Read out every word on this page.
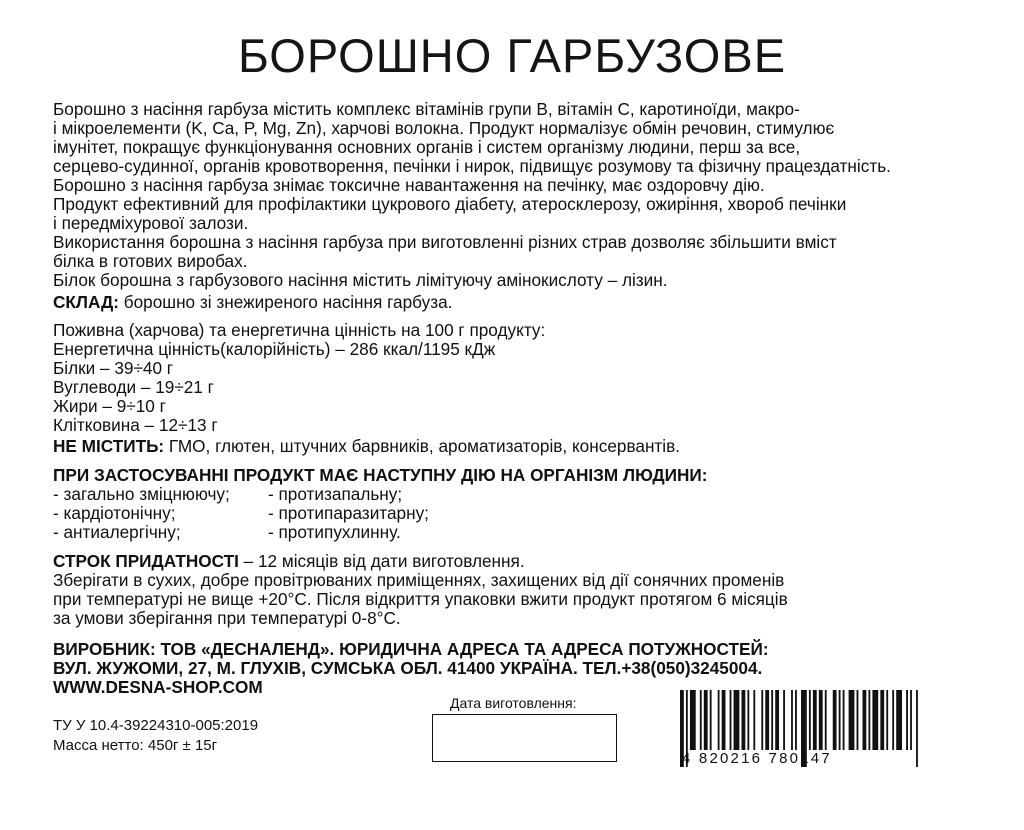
БОРОШНО ГАРБУЗОВЕ
Борошно з насіння гарбуза містить комплекс вітамінів групи В, вітамін С, каротиноїди, макро-
і мікроелементи (K, Ca, P, Mg, Zn), харчові волокна. Продукт нормалізує обмін речовин, стимулює
імунітет, покращує функціонування основних органів і систем організму людини, перш за все,
серцево-судинної, органів кровотворення, печінки і нирок, підвищує розумову та фізичну працездатність.
Борошно з насіння гарбуза знімає токсичне навантаження на печінку, має оздоровчу дію.
Продукт ефективний для профілактики цукрового діабету, атеросклерозу, ожиріння, хвороб печінки
і передміхурової залози.
Використання борошна з насіння гарбуза при виготовленні різних страв дозволяє збільшити вміст
білка в готових виробах.
Білок борошна з гарбузового насіння містить лімітуючу амінокислоту – лізин.
СКЛАД: борошно зі знежиреного насіння гарбуза.
Поживна (харчова) та енергетична цінність на 100 г продукту:
Енергетична цінність(калорійність) – 286 ккал/1195 кДж
Білки – 39÷40 г
Вуглеводи – 19÷21 г
Жири – 9÷10 г
Клітковина – 12÷13 г
НЕ МІСТИТЬ: ГМО, глютен, штучних барвників, ароматизаторів, консервантів.
ПРИ ЗАСТОСУВАННІ ПРОДУКТ МАЄ НАСТУПНУ ДІЮ НА ОРГАНІЗМ ЛЮДИНИ:
- загально зміцнюючу;
- кардіотонічну;
- антиалергічну;
- протизапальну;
- протипаразитарну;
- протипухлинну.
СТРОК ПРИДАТНОСТІ – 12 місяців від дати виготовлення.
Зберігати в сухих, добре провітрюваних приміщеннях, захищених від дії сонячних променів
при температурі не вище +20°С. Після відкриття упаковки вжити продукт протягом 6 місяців
за умови зберігання при температурі 0-8°С.
ВИРОБНИК: ТОВ «ДЕСНАЛЕНД». ЮРИДИЧНА АДРЕСА ТА АДРЕСА ПОТУЖНОСТЕЙ:
ВУЛ. ЖУЖОМИ, 27, М. ГЛУХІВ, СУМСЬКА ОБЛ. 41400 УКРАЇНА. ТЕЛ.+38(050)3245004.
WWW.DESNA-SHOP.COM
ТУ У 10.4-39224310-005:2019
Масса нетто: 450г ± 15г
Дата виготовлення:
4 820216 780147
